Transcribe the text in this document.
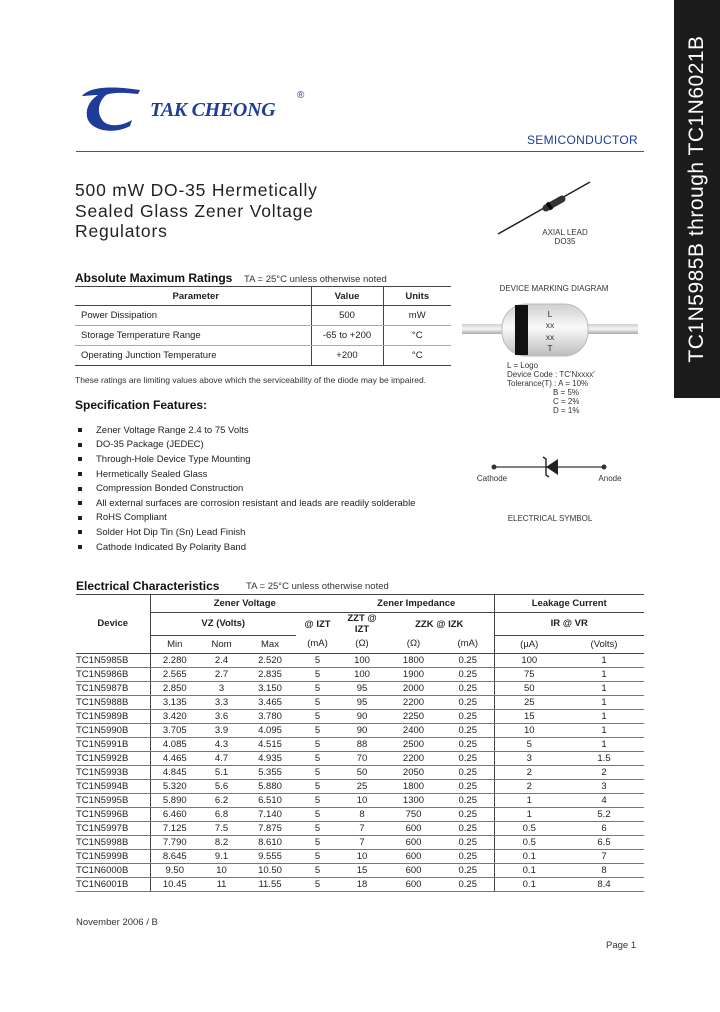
TC1N5985B through TC1N6021B
TAK CHEONG
®
SEMICONDUCTOR
500 mW DO-35 Hermetically
Sealed Glass Zener Voltage
Regulators	AXIAL LEAD
DO35
Absolute Maximum Ratings TA = 25°C unless otherwise noted
Parameter	Value	Units
Power Dissipation	500	mW
Storage Temperature Range	-65 to +200	°C
Operating Junction Temperature	+200	°C
These ratings are limiting values above which the serviceability of the diode may be impaired.
DEVICE MARKING DIAGRAM
L
xx
xx
T
L = Logo
Device Code : TC'Nxxxx'
Tolerance(T) : A = 10%
B = 5%
C = 2%
D = 1%
Cathode	Anode
ELECTRICAL SYMBOL
Specification Features:
Zener Voltage Range 2.4 to 75 Volts
DO-35 Package (JEDEC)
Through-Hole Device Type Mounting
Hermetically Sealed Glass
Compression Bonded Construction
All external surfaces are corrosion resistant and leads are readily solderable
RoHS Compliant
Solder Hot Dip Tin (Sn) Lead Finish
Cathode Indicated By Polarity Band
Electrical Characteristics	TA = 25°C unless otherwise noted
Device	Zener Voltage				Zener Impedance			Leakage Current	
	VZ (Volts)			@ IZT	ZZT @ IZT	ZZK @ IZK		IR @ VR	
	Min	Nom	Max	(mA)	(Ω)	(Ω)	(mA)	(µA)	(Volts)
TC1N5985B	2.280	2.4	2.520	5	100	1800	0.25	100	1
TC1N5986B	2.565	2.7	2.835	5	100	1900	0.25	75	1
TC1N5987B	2.850	3	3.150	5	95	2000	0.25	50	1
TC1N5988B	3.135	3.3	3.465	5	95	2200	0.25	25	1
TC1N5989B	3.420	3.6	3.780	5	90	2250	0.25	15	1
TC1N5990B	3.705	3.9	4.095	5	90	2400	0.25	10	1
TC1N5991B	4.085	4.3	4.515	5	88	2500	0.25	5	1
TC1N5992B	4.465	4.7	4.935	5	70	2200	0.25	3	1.5
TC1N5993B	4.845	5.1	5.355	5	50	2050	0.25	2	2
TC1N5994B	5.320	5.6	5.880	5	25	1800	0.25	2	3
TC1N5995B	5.890	6.2	6.510	5	10	1300	0.25	1	4
TC1N5996B	6.460	6.8	7.140	5	8	750	0.25	1	5.2
TC1N5997B	7.125	7.5	7.875	5	7	600	0.25	0.5	6
TC1N5998B	7.790	8.2	8.610	5	7	600	0.25	0.5	6.5
TC1N5999B	8.645	9.1	9.555	5	10	600	0.25	0.1	7
TC1N6000B	9.50	10	10.50	5	15	600	0.25	0.1	8
TC1N6001B	10.45	11	11.55	5	18	600	0.25	0.1	8.4
November 2006 / B
Page 1
